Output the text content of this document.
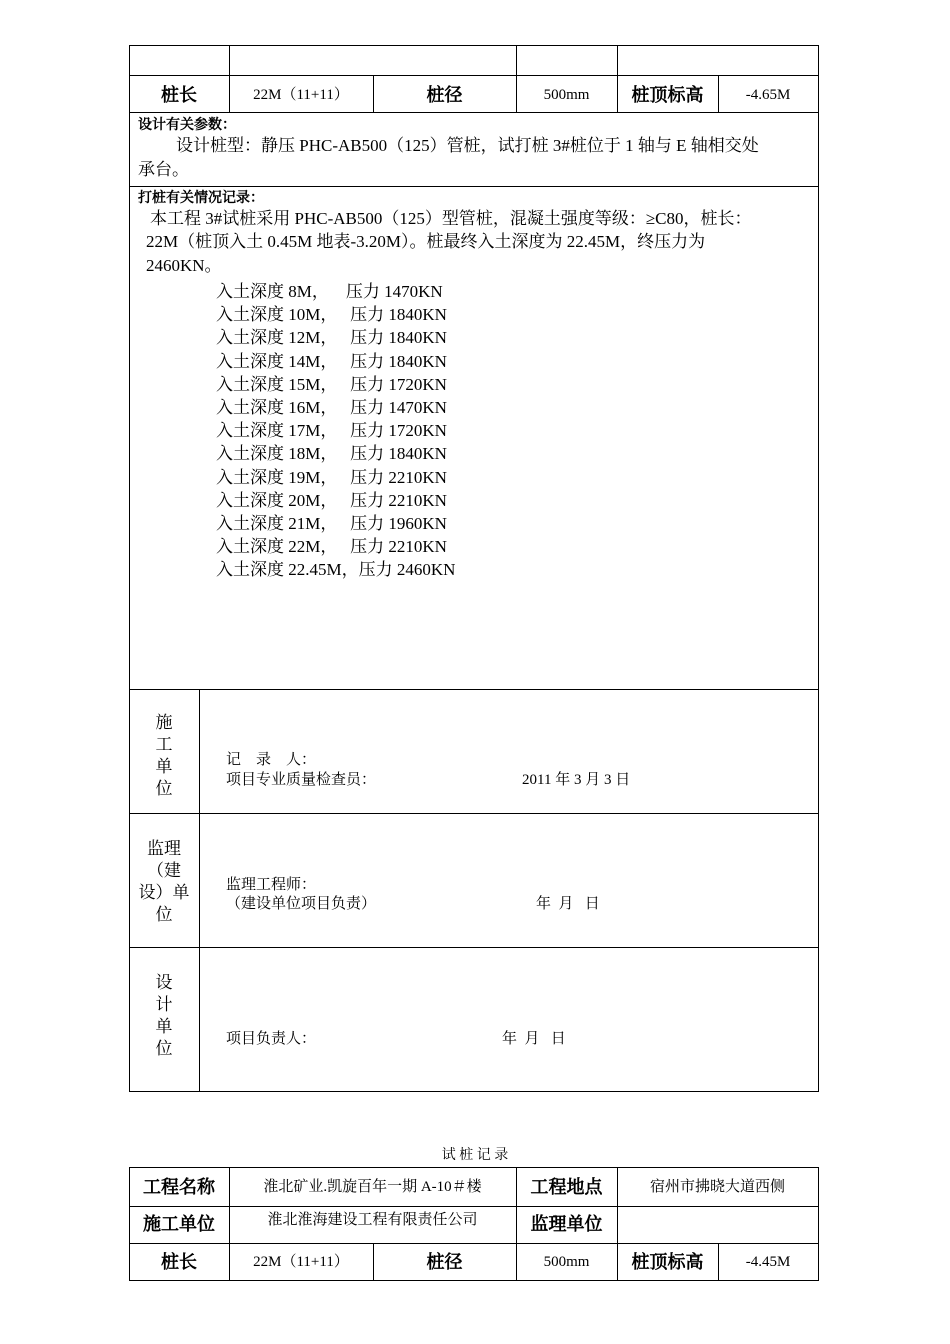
桩长	22M（11+11）	桩径	500mm	桩顶标高	-4.65M
设计有关参数：
设计桩型：静压 PHC-AB500（125）管桩，试打桩 3#桩位于 1 轴与 E 轴相交处
承台。
打桩有关情况记录：
本工程 3#试桩采用 PHC-AB500（125）型管桩，混凝土强度等级：≥C80，桩长：
22M（桩顶入土 0.45M 地表-3.20M）。桩最终入土深度为 22.45M，终压力为
2460KN。
入土深度 8M，    压力 1470KN
入土深度 10M，   压力 1840KN
入土深度 12M，   压力 1840KN
入土深度 14M，   压力 1840KN
入土深度 15M，   压力 1720KN
入土深度 16M，   压力 1470KN
入土深度 17M，   压力 1720KN
入土深度 18M，   压力 1840KN
入土深度 19M，   压力 2210KN
入土深度 20M，   压力 2210KN
入土深度 21M，   压力 1960KN
入土深度 22M，   压力 2210KN
入土深度 22.45M，压力 2460KN
施
工
单
位
记    录    人：
项目专业质量检查员：	2011 年 3 月 3 日
监理
（建
设）单
位
监理工程师：
（建设单位项目负责）	年  月   日
设
计
单
位	项目负责人：	年  月   日
试 桩 记 录
工程名称	淮北矿业.凯旋百年一期 A-10＃楼	工程地点	宿州市拂晓大道西侧
施工单位	淮北淮海建设工程有限责任公司	监理单位
桩长	22M（11+11）	桩径	500mm	桩顶标高	-4.45M
